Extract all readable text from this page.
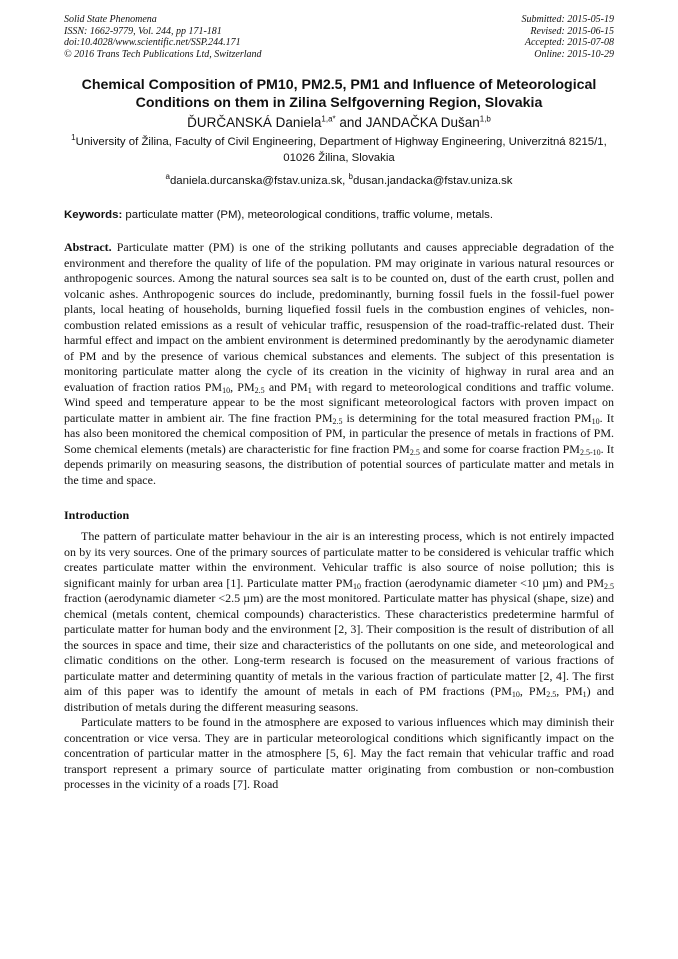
Solid State Phenomena
ISSN: 1662-9779, Vol. 244, pp 171-181
doi:10.4028/www.scientific.net/SSP.244.171
© 2016 Trans Tech Publications Ltd, Switzerland
Submitted: 2015-05-19
Revised: 2015-06-15
Accepted: 2015-07-08
Online: 2015-10-29
Chemical Composition of PM10, PM2.5, PM1 and Influence of Meteorological Conditions on them in Zilina Selfgoverning Region, Slovakia
ĎURČANSKÁ Daniela$^{1,a*}$ and JANDAČKA Dušan$^{1,b}$
$^1$University of Žilina, Faculty of Civil Engineering, Department of Highway Engineering, Univerzitná 8215/1, 01026 Žilina, Slovakia
$^a$daniela.durcanska@fstav.uniza.sk, $^b$dusan.jandacka@fstav.uniza.sk
Keywords: particulate matter (PM), meteorological conditions, traffic volume, metals.

Abstract. Particulate matter (PM) is one of the striking pollutants and causes appreciable degradation of the environment and therefore the quality of life of the population. PM may originate in various natural resources or anthropogenic sources. Among the natural sources sea salt is to be counted on, dust of the earth crust, pollen and volcanic ashes. Anthropogenic sources do include, predominantly, burning fossil fuels in the fossil-fuel power plants, local heating of households, burning liquefied fossil fuels in the combustion engines of vehicles, non-combustion related emissions as a result of vehicular traffic, resuspension of the road-traffic-related dust. Their harmful effect and impact on the ambient environment is determined predominantly by the aerodynamic diameter of PM and by the presence of various chemical substances and elements. The subject of this presentation is monitoring particulate matter along the cycle of its creation in the vicinity of highway in rural area and an evaluation of fraction ratios $PM_{10}$, $PM_{2.5}$ and $PM_1$ with regard to meteorological conditions and traffic volume. Wind speed and temperature appear to be the most significant meteorological factors with proven impact on particulate matter in ambient air. The fine fraction $PM_{2.5}$ is determining for the total measured fraction $PM_{10}$. It has also been monitored the chemical composition of PM, in particular the presence of metals in fractions of PM. Some chemical elements (metals) are characteristic for fine fraction $PM_{2.5}$ and some for coarse fraction $PM_{2.5-10}$. It depends primarily on measuring seasons, the distribution of potential sources of particulate matter and metals in the time and space.

Introduction

The pattern of particulate matter behaviour in the air is an interesting process, which is not entirely impacted on by its very sources. One of the primary sources of particulate matter to be considered is vehicular traffic which creates particulate matter within the environment. Vehicular traffic is also source of noise pollution; this is significant mainly for urban area [1]. Particulate matter $PM_{10}$ fraction (aerodynamic diameter <10 µm) and $PM_{2.5}$ fraction (aerodynamic diameter <2.5 µm) are the most monitored. Particulate matter has physical (shape, size) and chemical (metals content, chemical compounds) characteristics. These characteristics predetermine harmful of particulate matter for human body and the environment [2, 3]. Their composition is the result of distribution of all the sources in space and time, their size and characteristics of the pollutants on one side, and meteorological and climatic conditions on the other. Long-term research is focused on the measurement of various fractions of particulate matter and determining quantity of metals in the various fraction of particulate matter [2, 4]. The first aim of this paper was to identify the amount of metals in each of PM fractions ($PM_{10}$, $PM_{2.5}$, $PM_1$) and distribution of metals during the different measuring seasons.

Particulate matters to be found in the atmosphere are exposed to various influences which may diminish their concentration or vice versa. They are in particular meteorological conditions which significantly impact on the concentration of particular matter in the atmosphere [5, 6]. May the fact remain that vehicular traffic and road transport represent a primary source of particulate matter originating from combustion or non-combustion processes in the vicinity of a roads [7]. Road
